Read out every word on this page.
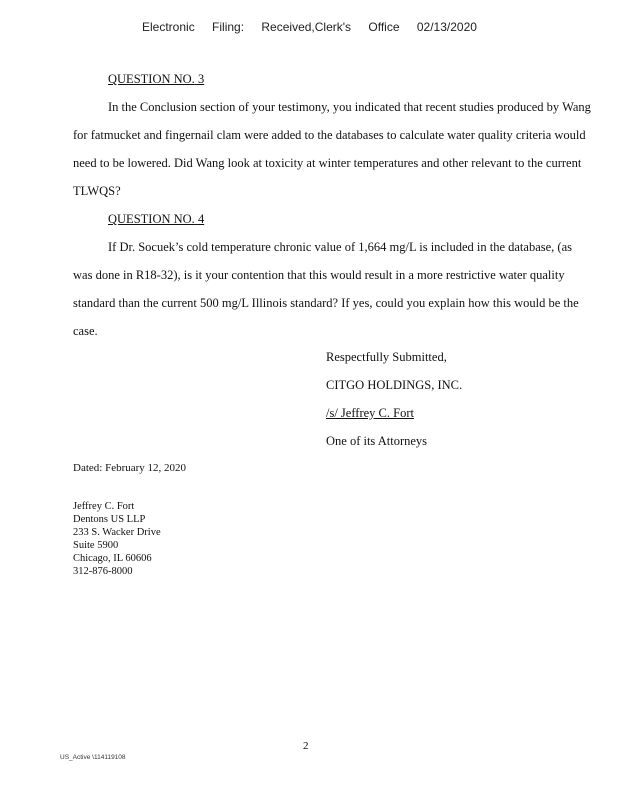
Electronic Filing: Received,Clerk's Office 02/13/2020
QUESTION NO. 3

In the Conclusion section of your testimony, you indicated that recent studies produced by Wang for fatmucket and fingernail clam were added to the databases to calculate water quality criteria would need to be lowered. Did Wang look at toxicity at winter temperatures and other relevant to the current TLWQS?

QUESTION NO. 4

If Dr. Socuek’s cold temperature chronic value of 1,664 mg/L is included in the database, (as was done in R18-32), is it your contention that this would result in a more restrictive water quality standard than the current 500 mg/L Illinois standard? If yes, could you explain how this would be the case.

Respectfully Submitted,
CITGO HOLDINGS, INC.
/s/ Jeffrey C. Fort
One of its Attorneys
Dated: February 12, 2020
Jeffrey C. Fort
Dentons US LLP
233 S. Wacker Drive
Suite 5900
Chicago, IL 60606
312-876-8000
2
US_Active \114119108
